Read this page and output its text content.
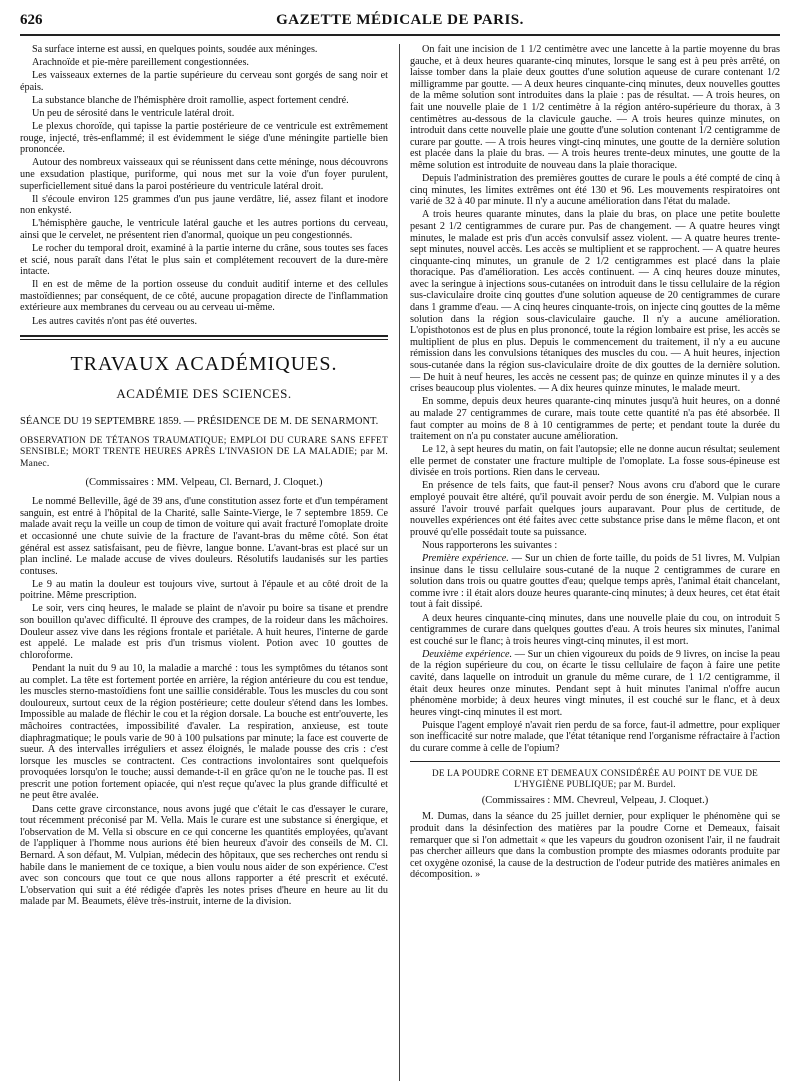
626	GAZETTE MÉDICALE DE PARIS.

Sa surface interne est aussi, en quelques points, soudée aux méninges.

Arachnoïde et pie-mère pareillement congestionnées.

Les vaisseaux externes de la partie supérieure du cerveau sont gorgés de sang noir et épais.

La substance blanche de l'hémisphère droit ramollie, aspect fortement cendré.

Un peu de sérosité dans le ventricule latéral droit.

Le plexus choroïde, qui tapisse la partie postérieure de ce ventricule est extrêmement rouge, injecté, très-enflammé; il est évidemment le siége d'une méningite partielle bien prononcée.

Autour des nombreux vaisseaux qui se réunissent dans cette méninge, nous découvrons une exsudation plastique, puriforme, qui nous met sur la voie d'un foyer purulent, superficiellement situé dans la paroi postérieure du ventricule latéral droit.

Il s'écoule environ 125 grammes d'un pus jaune verdâtre, lié, assez filant et inodore non enkysté.

L'hémisphère gauche, le ventricule latéral gauche et les autres portions du cerveau, ainsi que le cervelet, ne présentent rien d'anormal, quoique un peu congestionnés.

Le rocher du temporal droit, examiné à la partie interne du crâne, sous toutes ses faces et scié, nous paraît dans l'état le plus sain et complétement recouvert de la dure-mère intacte.

Il en est de même de la portion osseuse du conduit auditif interne et des cellules mastoïdiennes; par conséquent, de ce côté, aucune propagation directe de l'inflammation extérieure aux membranes du cerveau ou au cerveau ui-même.

Les autres cavités n'ont pas été ouvertes.

TRAVAUX ACADÉMIQUES.
ACADÉMIE DES SCIENCES.

SÉANCE DU 19 SEPTEMBRE 1859. — PRÉSIDENCE DE M. DE SENARMONT.

OBSERVATION DE TÉTANOS TRAUMATIQUE; EMPLOI DU CURARE SANS EFFET SENSIBLE; MORT TRENTE HEURES APRÈS L'INVASION DE LA MALADIE; par M. Manec.

(Commissaires : MM. Velpeau, Cl. Bernard, J. Cloquet.)

Le nommé Belleville, âgé de 39 ans, d'une constitution assez forte et d'un tempérament sanguin, est entré à l'hôpital de la Charité, salle Sainte-Vierge, le 7 septembre 1859. Ce malade avait reçu la veille un coup de timon de voiture qui avait fracturé l'omoplate droite et occasionné une chute suivie de la fracture de l'avant-bras du même côté. Son état général est assez satisfaisant, peu de fièvre, langue bonne. L'avant-bras est placé sur un plan incliné. Le malade accuse de vives douleurs. Résolutifs laudanisés sur les parties contuses.

Le 9 au matin la douleur est toujours vive, surtout à l'épaule et au côté droit de la poitrine. Même prescription.

Le soir, vers cinq heures, le malade se plaint de n'avoir pu boire sa tisane et prendre son bouillon qu'avec difficulté. Il éprouve des crampes, de la roideur dans les mâchoires. Douleur assez vive dans les régions frontale et pariétale. A huit heures, l'interne de garde est appelé. Le malade est pris d'un trismus violent. Potion avec 10 gouttes de chloroforme.

Pendant la nuit du 9 au 10, la maladie a marché : tous les symptômes du tétanos sont au complet. La tête est fortement portée en arrière, la région antérieure du cou est tendue, les muscles sterno-mastoïdiens font une saillie considérable. Tous les muscles du cou sont douloureux, surtout ceux de la région postérieure; cette douleur s'étend dans les lombes. Impossible au malade de fléchir le cou et la région dorsale. La bouche est entr'ouverte, les mâchoires contractées, impossibilité d'avaler. La respiration, anxieuse, est toute diaphragmatique; le pouls varie de 90 à 100 pulsations par minute; la face est couverte de sueur. A des intervalles irréguliers et assez éloignés, le malade pousse des cris : c'est lorsque les muscles se contractent. Ces contractions involontaires sont quelquefois provoquées lorsqu'on le touche; aussi demande-t-il en grâce qu'on ne le touche pas. Il est prescrit une potion fortement opiacée, qui n'est reçue qu'avec la plus grande difficulté et ne peut être avalée.

Dans cette grave circonstance, nous avons jugé que c'était le cas d'essayer le curare, tout récemment préconisé par M. Vella. Mais le curare est une substance si énergique, et l'observation de M. Vella si obscure en ce qui concerne les quantités employées, qu'avant de l'appliquer à l'homme nous aurions été bien heureux d'avoir des conseils de M. Cl. Bernard. A son défaut, M. Vulpian, médecin des hôpitaux, que ses recherches ont rendu si habile dans le maniement de ce toxique, a bien voulu nous aider de son expérience. C'est avec son concours que tout ce que nous allons rapporter a été prescrit et exécuté. L'observation qui suit a été rédigée d'après les notes prises d'heure en heure au lit du malade par M. Beaumets, élève très-instruit, interne de la division.

On fait une incision de 1 1/2 centimètre avec une lancette à la partie moyenne du bras gauche, et à deux heures quarante-cinq minutes, lorsque le sang est à peu près arrêté, on laisse tomber dans la plaie deux gouttes d'une solution aqueuse de curare contenant 1/2 milligramme par goutte. — A deux heures cinquante-cinq minutes, deux nouvelles gouttes de la même solution sont introduites dans la plaie : pas de résultat. — A trois heures, on fait une nouvelle plaie de 1 1/2 centimètre à la région antéro-supérieure du thorax, à 3 centimètres au-dessous de la clavicule gauche. — A trois heures quinze minutes, on introduit dans cette nouvelle plaie une goutte d'une solution contenant 1/2 centigramme de curare par goutte. — A trois heures vingt-cinq minutes, une goutte de la dernière solution est placée dans la plaie du bras. — A trois heures trente-deux minutes, une goutte de la même solution est introduite de nouveau dans la plaie thoracique.

Depuis l'administration des premières gouttes de curare le pouls a été compté de cinq à cinq minutes, les limites extrêmes ont été 130 et 96. Les mouvements respiratoires ont varié de 32 à 40 par minute. Il n'y a aucune amélioration dans l'état du malade.

A trois heures quarante minutes, dans la plaie du bras, on place une petite boulette pesant 2 1/2 centigrammes de curare pur. Pas de changement. — A quatre heures vingt minutes, le malade est pris d'un accès convulsif assez violent. — A quatre heures trente-sept minutes, nouvel accès. Les accès se multiplient et se rapprochent. — A quatre heures cinquante-cinq minutes, un granule de 2 1/2 centigrammes est placé dans la plaie thoracique. Pas d'amélioration. Les accès continuent. — A cinq heures douze minutes, avec la seringue à injections sous-cutanées on introduit dans le tissu cellulaire de la région sus-claviculaire droite cinq gouttes d'une solution aqueuse de 20 centigrammes de curare dans 1 gramme d'eau. — A cinq heures cinquante-trois, on injecte cinq gouttes de la même solution dans la région sous-claviculaire gauche. Il n'y a aucune amélioration. L'opisthotonos est de plus en plus prononcé, toute la région lombaire est prise, les accès se multiplient de plus en plus. Depuis le commencement du traitement, il n'y a eu aucune rémission dans les convulsions tétaniques des muscles du cou. — A huit heures, injection sous-cutanée dans la région sus-claviculaire droite de dix gouttes de la dernière solution. — De huit à neuf heures, les accès ne cessent pas; de quinze en quinze minutes il y a des crises beaucoup plus violentes. — A dix heures quinze minutes, le malade meurt.

En somme, depuis deux heures quarante-cinq minutes jusqu'à huit heures, on a donné au malade 27 centigrammes de curare, mais toute cette quantité n'a pas été absorbée. Il faut compter au moins de 8 à 10 centigrammes de perte; et pendant toute la durée du traitement on n'a pu constater aucune amélioration.

Le 12, à sept heures du matin, on fait l'autopsie; elle ne donne aucun résultat; seulement elle permet de constater une fracture multiple de l'omoplate. La fosse sous-épineuse est divisée en trois portions. Rien dans le cerveau.

En présence de tels faits, que faut-il penser? Nous avons cru d'abord que le curare employé pouvait être altéré, qu'il pouvait avoir perdu de son énergie. M. Vulpian nous a assuré l'avoir trouvé parfait quelques jours auparavant. Pour plus de certitude, de nouvelles expériences ont été faites avec cette substance prise dans le même flacon, et ont prouvé qu'elle possédait toute sa puissance.

Nous rapporterons les suivantes :

Première expérience. — Sur un chien de forte taille, du poids de 51 livres, M. Vulpian insinue dans le tissu cellulaire sous-cutané de la nuque 2 centigrammes de curare en solution dans trois ou quatre gouttes d'eau; quelque temps après, l'animal était chancelant, comme ivre : il était alors douze heures quarante-cinq minutes; à deux heures, cet état était tout à fait dissipé.

A deux heures cinquante-cinq minutes, dans une nouvelle plaie du cou, on introduit 5 centigrammes de curare dans quelques gouttes d'eau. A trois heures six minutes, l'animal est couché sur le flanc; à trois heures vingt-cinq minutes, il est mort.

Deuxième expérience. — Sur un chien vigoureux du poids de 9 livres, on incise la peau de la région supérieure du cou, on écarte le tissu cellulaire de façon à faire une petite cavité, dans laquelle on introduit un granule du même curare, de 1 1/2 centigramme, il était deux heures onze minutes. Pendant sept à huit minutes l'animal n'offre aucun phénomène morbide; à deux heures vingt minutes, il est couché sur le flanc, et à deux heures vingt-cinq minutes il est mort.

Puisque l'agent employé n'avait rien perdu de sa force, faut-il admettre, pour expliquer son inefficacité sur notre malade, que l'état tétanique rend l'organisme réfractaire à l'action du curare comme à celle de l'opium?

DE LA POUDRE CORNE ET DEMEAUX CONSIDÉRÉE AU POINT DE VUE DE L'HYGIÈNE PUBLIQUE; par M. Burdel.

(Commissaires : MM. Chevreul, Velpeau, J. Cloquet.)

M. Dumas, dans la séance du 25 juillet dernier, pour expliquer le phénomène qui se produit dans la désinfection des matières par la poudre Corne et Demeaux, faisait remarquer que si l'on admettait « que les vapeurs du goudron ozonisent l'air, il ne faudrait pas chercher ailleurs que dans la combustion prompte des miasmes odorants produite par cet oxygène ozonisé, la cause de la destruction de l'odeur putride des matières animales en décomposition. »
